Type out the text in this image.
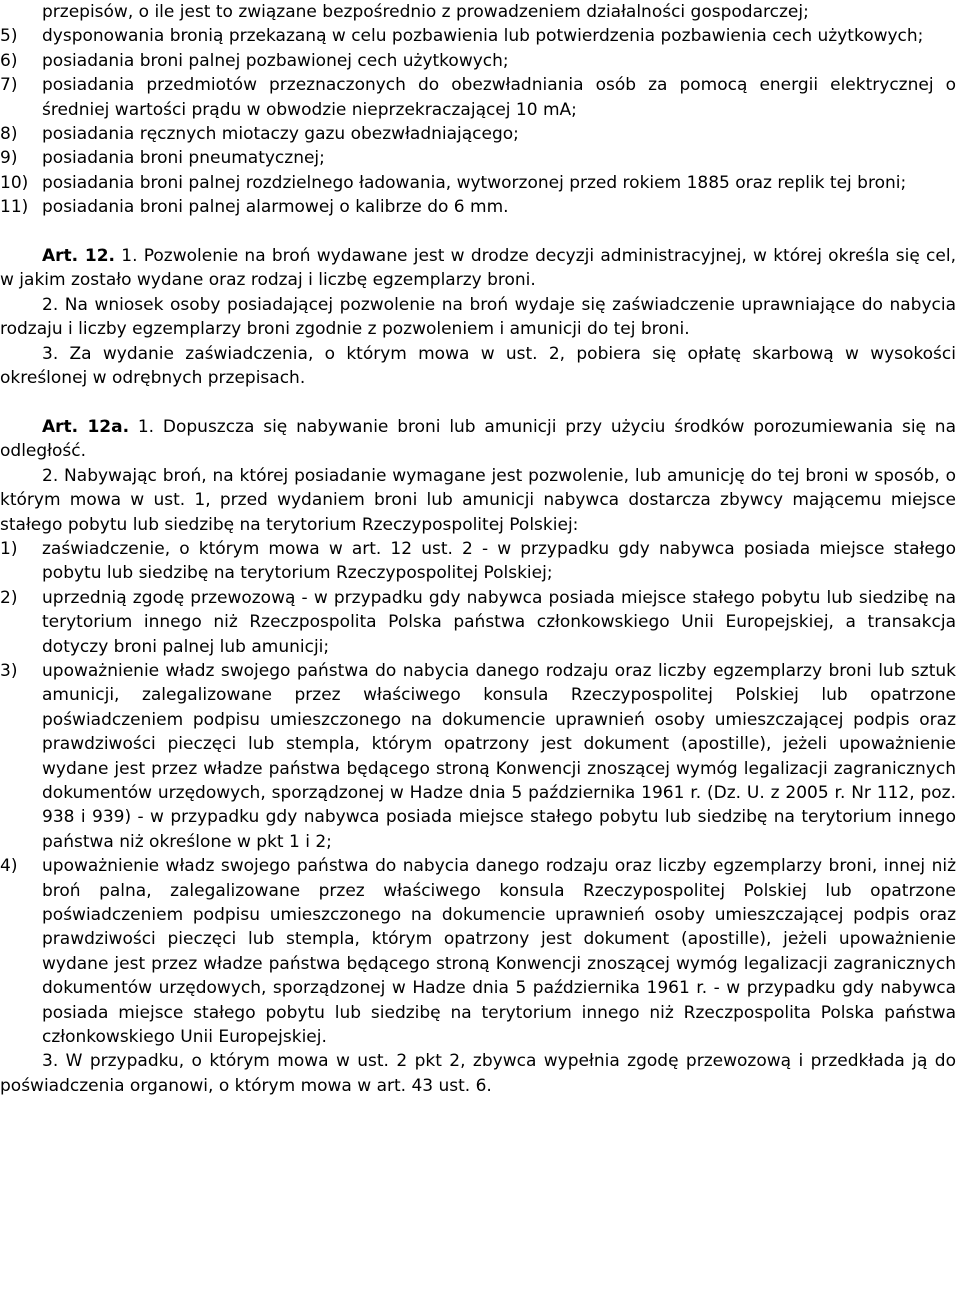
przepisów, o ile jest to związane bezpośrednio z prowadzeniem działalności gospodarczej;
5)	dysponowania bronią przekazaną w celu pozbawienia lub potwierdzenia pozbawienia cech użytkowych;
6)	posiadania broni palnej pozbawionej cech użytkowych;
7)	posiadania przedmiotów przeznaczonych do obezwładniania osób za pomocą energii elektrycznej o średniej wartości prądu w obwodzie nieprzekraczającej 10 mA;
8)	posiadania ręcznych miotaczy gazu obezwładniającego;
9)	posiadania broni pneumatycznej;
10) posiadania broni palnej rozdzielnego ładowania, wytworzonej przed rokiem 1885 oraz replik tej broni;
11) posiadania broni palnej alarmowej o kalibrze do 6 mm.
Art. 12. 1. Pozwolenie na broń wydawane jest w drodze decyzji administracyjnej, w której określa się cel, w jakim zostało wydane oraz rodzaj i liczbę egzemplarzy broni.
2. Na wniosek osoby posiadającej pozwolenie na broń wydaje się zaświadczenie uprawniające do nabycia rodzaju i liczby egzemplarzy broni zgodnie z pozwoleniem i amunicji do tej broni.
3. Za wydanie zaświadczenia, o którym mowa w ust. 2, pobiera się opłatę skarbową w wysokości określonej w odrębnych przepisach.
Art. 12a. 1. Dopuszcza się nabywanie broni lub amunicji przy użyciu środków porozumiewania się na odległość.
2. Nabywając broń, na której posiadanie wymagane jest pozwolenie, lub amunicję do tej broni w sposób, o którym mowa w ust. 1, przed wydaniem broni lub amunicji nabywca dostarcza zbywcy mającemu miejsce stałego pobytu lub siedzibę na terytorium Rzeczypospolitej Polskiej:
1)	zaświadczenie, o którym mowa w art. 12 ust. 2 - w przypadku gdy nabywca posiada miejsce stałego pobytu lub siedzibę na terytorium Rzeczypospolitej Polskiej;
2)	uprzednią zgodę przewozową - w przypadku gdy nabywca posiada miejsce stałego pobytu lub siedzibę na terytorium innego niż Rzeczpospolita Polska państwa członkowskiego Unii Europejskiej, a transakcja dotyczy broni palnej lub amunicji;
3)	upoważnienie władz swojego państwa do nabycia danego rodzaju oraz liczby egzemplarzy broni lub sztuk amunicji, zalegalizowane przez właściwego konsula Rzeczypospolitej Polskiej lub opatrzone poświadczeniem podpisu umieszczonego na dokumencie uprawnień osoby umieszczającej podpis oraz prawdziwości pieczęci lub stempla, którym opatrzony jest dokument (apostille), jeżeli upoważnienie wydane jest przez władze państwa będącego stroną Konwencji znoszącej wymóg legalizacji zagranicznych dokumentów urzędowych, sporządzonej w Hadze dnia 5 października 1961 r. (Dz. U. z 2005 r. Nr 112, poz. 938 i 939) - w przypadku gdy nabywca posiada miejsce stałego pobytu lub siedzibę na terytorium innego państwa niż określone w pkt 1 i 2;
4)	upoważnienie władz swojego państwa do nabycia danego rodzaju oraz liczby egzemplarzy broni, innej niż broń palna, zalegalizowane przez właściwego konsula Rzeczypospolitej Polskiej lub opatrzone poświadczeniem podpisu umieszczonego na dokumencie uprawnień osoby umieszczającej podpis oraz prawdziwości pieczęci lub stempla, którym opatrzony jest dokument (apostille), jeżeli upoważnienie wydane jest przez władze państwa będącego stroną Konwencji znoszącej wymóg legalizacji zagranicznych dokumentów urzędowych, sporządzonej w Hadze dnia 5 października 1961 r. - w przypadku gdy nabywca posiada miejsce stałego pobytu lub siedzibę na terytorium innego niż Rzeczpospolita Polska państwa członkowskiego Unii Europejskiej.
3. W przypadku, o którym mowa w ust. 2 pkt 2, zbywca wypełnia zgodę przewozową i przedkłada ją do poświadczenia organowi, o którym mowa w art. 43 ust. 6.
